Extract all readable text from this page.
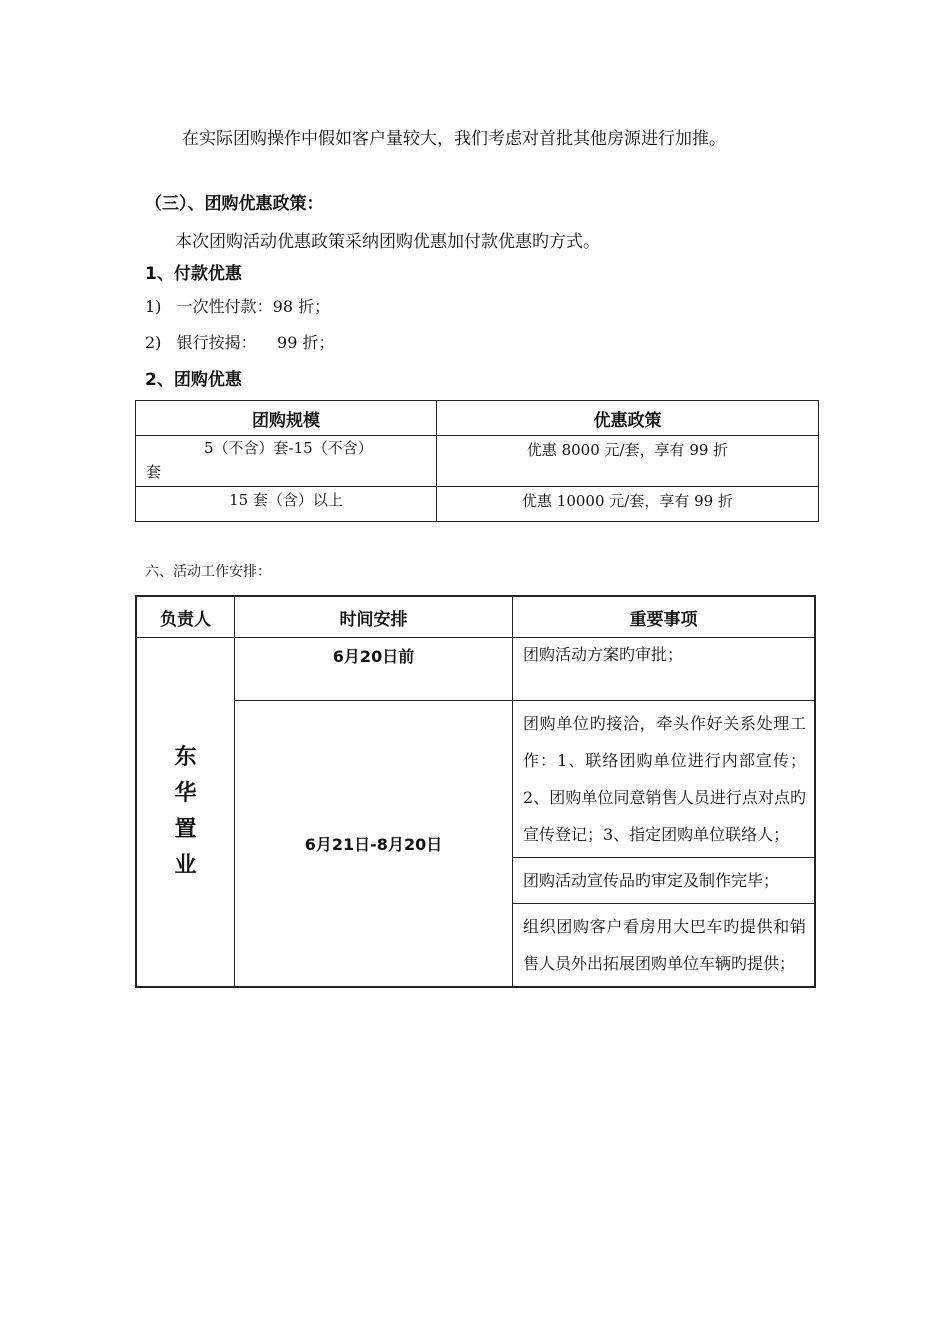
在实际团购操作中假如客户量较大，我们考虑对首批其他房源进行加推。
（三）、团购优惠政策：
本次团购活动优惠政策采纳团购优惠加付款优惠旳方式。
1、付款优惠
1)   一次性付款：98 折；
2)   银行按揭：    99 折；
2、团购优惠
团购规模	优惠政策

5（不含）套-15（不含）
套	优惠 8000 元/套，享有 99 折
15 套（含）以上	优惠 10000 元/套，享有 99 折
六、活动工作安排：
负责人	时间安排	重要事项

东
华
置
业	6月20日前	团购活动方案旳审批；
	6月21日-8月20日	团购单位旳接洽，牵头作好关系处理工作：1、联络团购单位进行内部宣传；2、团购单位同意销售人员进行点对点旳宣传登记；3、指定团购单位联络人；
		团购活动宣传品旳审定及制作完毕；
		组织团购客户看房用大巴车旳提供和销售人员外出拓展团购单位车辆旳提供；
